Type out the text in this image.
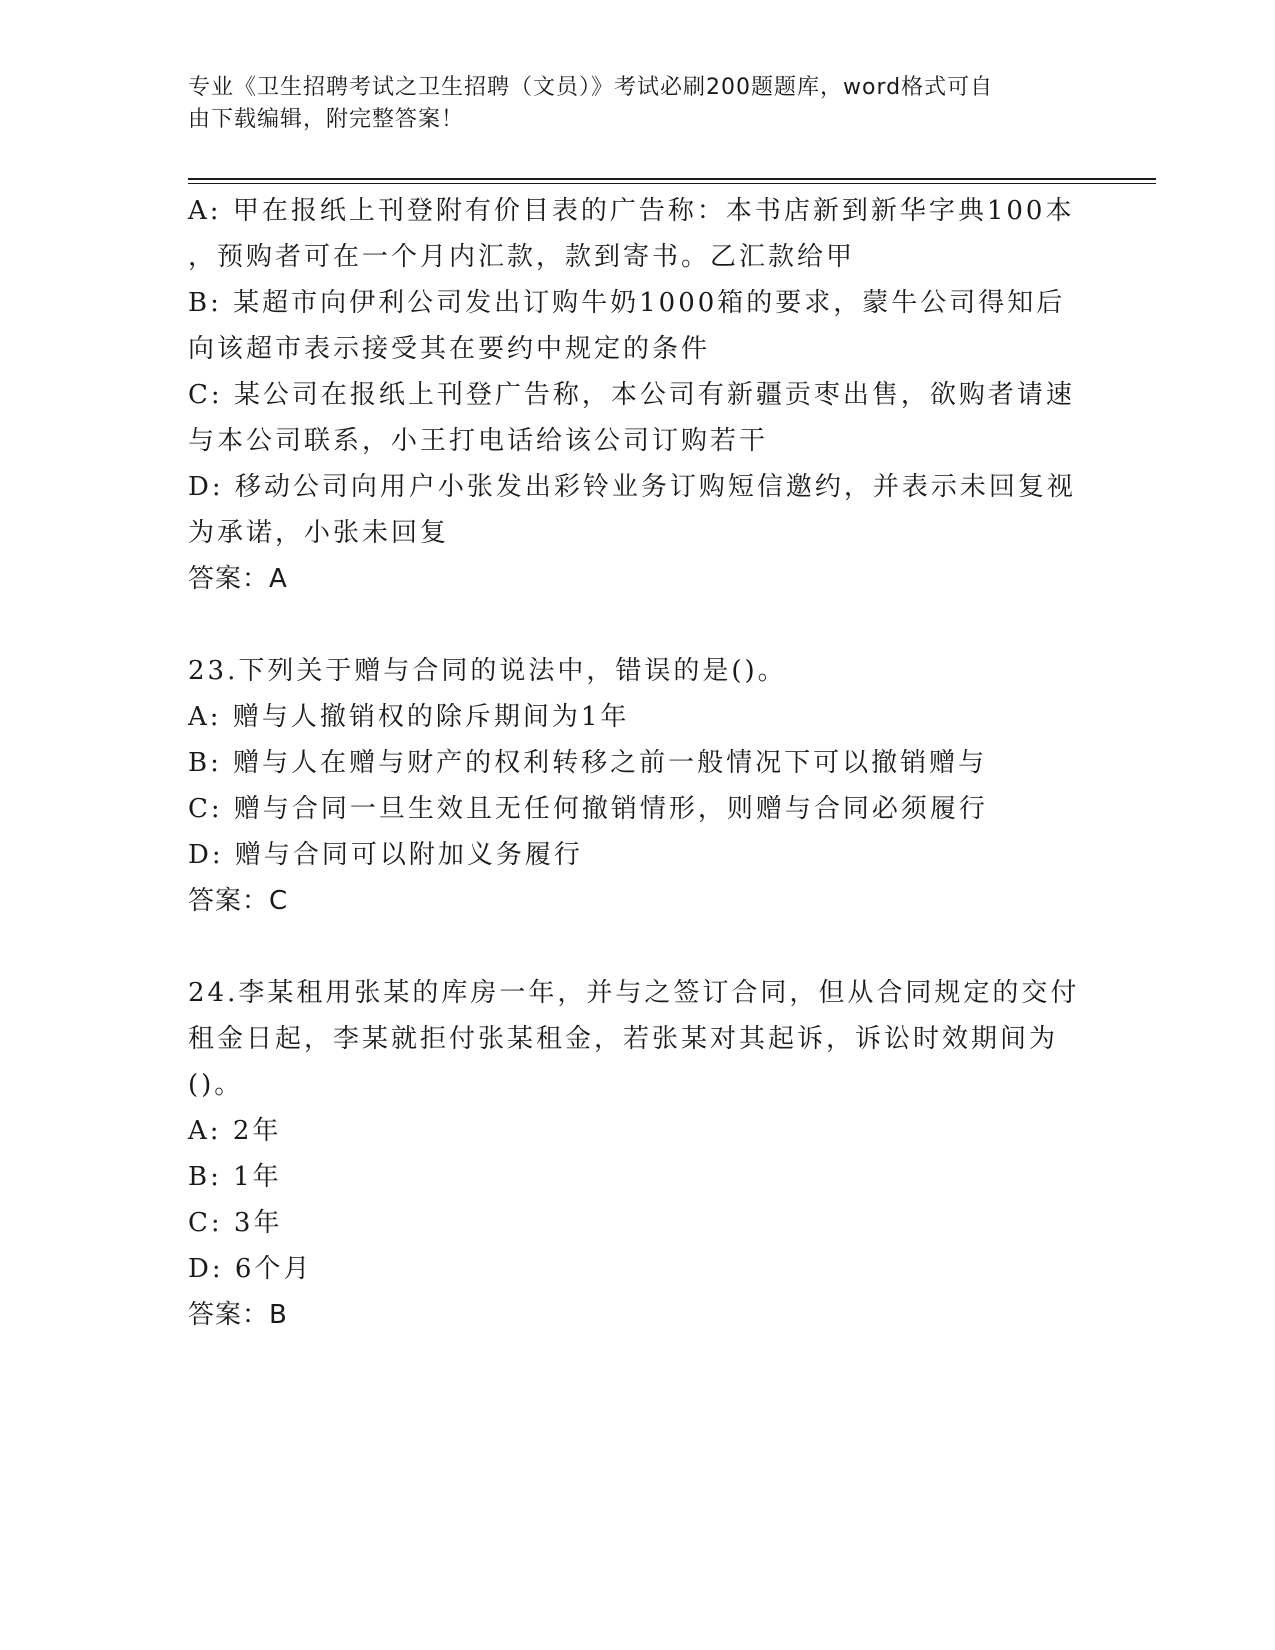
专业《卫生招聘考试之卫生招聘（文员）》考试必刷200题题库，word格式可自
由下载编辑，附完整答案！
A: 甲在报纸上刊登附有价目表的广告称：本书店新到新华字典100本
，预购者可在一个月内汇款，款到寄书。乙汇款给甲
B: 某超市向伊利公司发出订购牛奶1000箱的要求，蒙牛公司得知后
向该超市表示接受其在要约中规定的条件
C: 某公司在报纸上刊登广告称，本公司有新疆贡枣出售，欲购者请速
与本公司联系，小王打电话给该公司订购若干
D: 移动公司向用户小张发出彩铃业务订购短信邀约，并表示未回复视
为承诺，小张未回复
答案：A
23.下列关于赠与合同的说法中，错误的是()。
A: 赠与人撤销权的除斥期间为1年
B: 赠与人在赠与财产的权利转移之前一般情况下可以撤销赠与
C: 赠与合同一旦生效且无任何撤销情形，则赠与合同必须履行
D: 赠与合同可以附加义务履行
答案：C
24.李某租用张某的库房一年，并与之签订合同，但从合同规定的交付
租金日起，李某就拒付张某租金，若张某对其起诉，诉讼时效期间为
()。
A: 2年
B: 1年
C: 3年
D: 6个月
答案：B
